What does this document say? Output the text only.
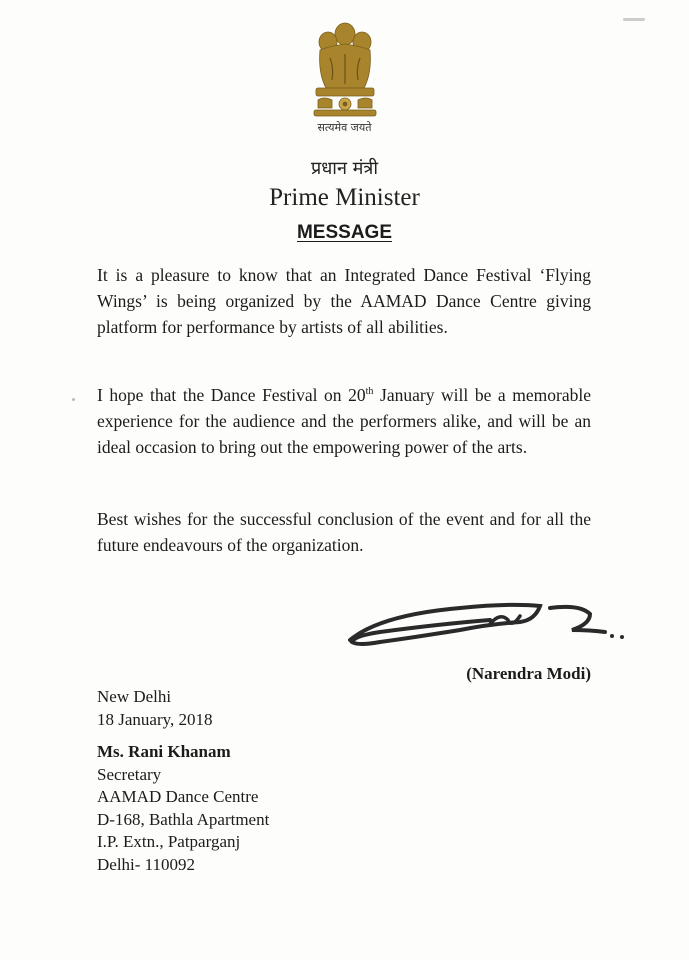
सत्यमेव जयते
प्रधान मंत्री
Prime Minister
MESSAGE
It is a pleasure to know that an Integrated Dance Festival ‘Flying Wings’ is being organized by the AAMAD Dance Centre giving platform for performance by artists of all abilities.
I hope that the Dance Festival on 20th January will be a memorable experience for the audience and the performers alike, and will be an ideal occasion to bring out the empowering power of the arts.
Best wishes for the successful conclusion of the event and for all the future endeavours of the organization.
(Narendra Modi)
New Delhi
18 January, 2018
Ms. Rani Khanam
Secretary
AAMAD Dance Centre
D-168, Bathla Apartment
I.P. Extn., Patparganj
Delhi- 110092
